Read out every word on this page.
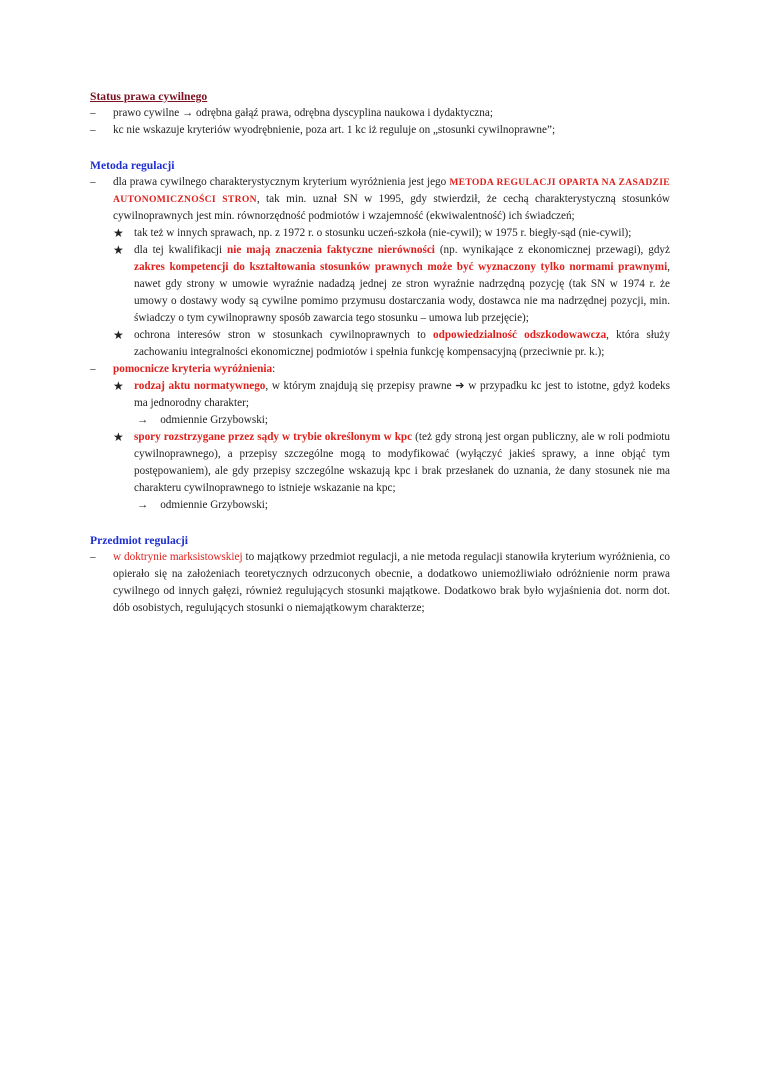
Status prawa cywilnego
– prawo cywilne → odrębna gałąź prawa, odrębna dyscyplina naukowa i dydaktyczna;
– kc nie wskazuje kryteriów wyodrębnienie, poza art. 1 kc iż reguluje on „stosunki cywilnoprawne”;
Metoda regulacji
– dla prawa cywilnego charakterystycznym kryterium wyróżnienia jest jego METODA REGULACJI OPARTA NA ZASADZIE AUTONOMICZNOŚCI STRON, tak min. uznał SN w 1995, gdy stwierdził, że cechą charakterystyczną stosunków cywilnoprawnych jest min. równorzędność podmiotów i wzajemność (ekwiwalentność) ich świadczeń;
★ tak też w innych sprawach, np. z 1972 r. o stosunku uczeń-szkoła (nie-cywil); w 1975 r. biegły-sąd (nie-cywil);
★ dla tej kwalifikacji nie mają znaczenia faktyczne nierówności (np. wynikające z ekonomicznej przewagi), gdyż zakres kompetencji do kształtowania stosunków prawnych może być wyznaczony tylko normami prawnymi, nawet gdy strony w umowie wyraźnie nadadzą jednej ze stron wyraźnie nadrzędną pozycję (tak SN w 1974 r. że umowy o dostawy wody są cywilne pomimo przymusu dostarczania wody, dostawca nie ma nadrzędnej pozycji, min. świadczy o tym cywilnoprawny sposób zawarcia tego stosunku – umowa lub przejęcie);
★ ochrona interesów stron w stosunkach cywilnoprawnych to odpowiedzialność odszkodowawcza, która służy zachowaniu integralności ekonomicznej podmiotów i spełnia funkcję kompensacyjną (przeciwnie pr. k.);
– pomocnicze kryteria wyróżnienia:
★ rodzaj aktu normatywnego, w którym znajdują się przepisy prawne ➔ w przypadku kc jest to istotne, gdyż kodeks ma jednorodny charakter;
→ odmiennie Grzybowski;
★ spory rozstrzygane przez sądy w trybie określonym w kpc (też gdy stroną jest organ publiczny, ale w roli podmiotu cywilnoprawnego), a przepisy szczególne mogą to modyfikować (wyłączyć jakieś sprawy, a inne objąć tym postępowaniem), ale gdy przepisy szczególne wskazują kpc i brak przesłanek do uznania, że dany stosunek nie ma charakteru cywilnoprawnego to istnieje wskazanie na kpc;
→ odmiennie Grzybowski;
Przedmiot regulacji
– w doktrynie marksistowskiej to majątkowy przedmiot regulacji, a nie metoda regulacji stanowiła kryterium wyróżnienia, co opierało się na założeniach teoretycznych odrzuconych obecnie, a dodatkowo uniemożliwiało odróżnienie norm prawa cywilnego od innych gałęzi, również regulujących stosunki majątkowe. Dodatkowo brak było wyjaśnienia dot. norm dot. dób osobistych, regulujących stosunki o niemajątkowym charakterze;
